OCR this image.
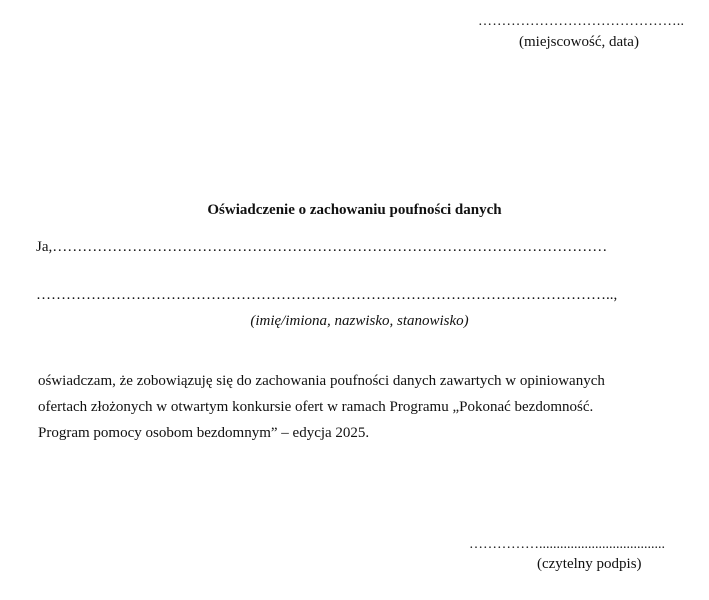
……………………………………..
(miejscowość, data)
Oświadczenie o zachowaniu poufności danych
Ja,…………………………………………………………………………………………………
……………………………………………………………………………………………………..,
(imię/imiona, nazwisko, stanowisko)
oświadczam, że zobowiązuję się do zachowania poufności danych zawartych w opiniowanych
ofertach złożonych w otwartym konkursie ofert w ramach Programu „Pokonać bezdomność.
Program pomocy osobom bezdomnym” – edycja 2025.
……………....................................
(czytelny podpis)
